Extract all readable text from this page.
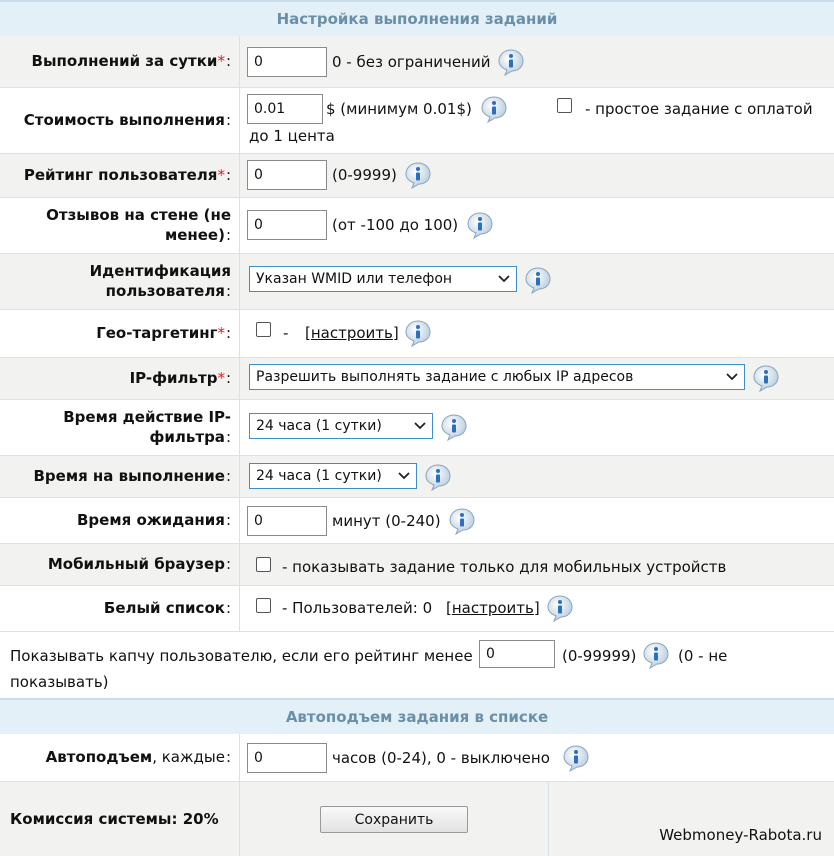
Настройка выполнения заданий
Выполнений за сутки*:
0	0 - без ограничений
Стоимость выполнения:
0.01
$ (минимум 0.01$)	- простое задание с оплатой
до 1 цента
Рейтинг пользователя*:
0	(0-9999)
Отзывов на стене (не
менее):
0
(от -100 до 100)
Идентификация
пользователя:
Указан WMID или телефон
Гео-таргетинг*:	- [настроить]
IP-фильтр*: Разрешить выполнять задание с любых IP адресов
Время действие IP-
фильтра:
24 часа (1 сутки)
Время на выполнение: 24 часа (1 сутки)
Время ожидания:
0	минут (0-240)
Мобильный браузер:	- показывать задание только для мобильных устройств
Белый список:	- Пользователей: 0 [настроить]
Показывать капчу пользователю, если его рейтинг менее
0	(0-99999)	(0 - не
показывать)
Автоподъем задания в списке
Автоподъем, каждые:
0	часов (0-24), 0 - выключено
Комиссия системы: 20%	Сохранить
Webmoney-Rabota.ru
